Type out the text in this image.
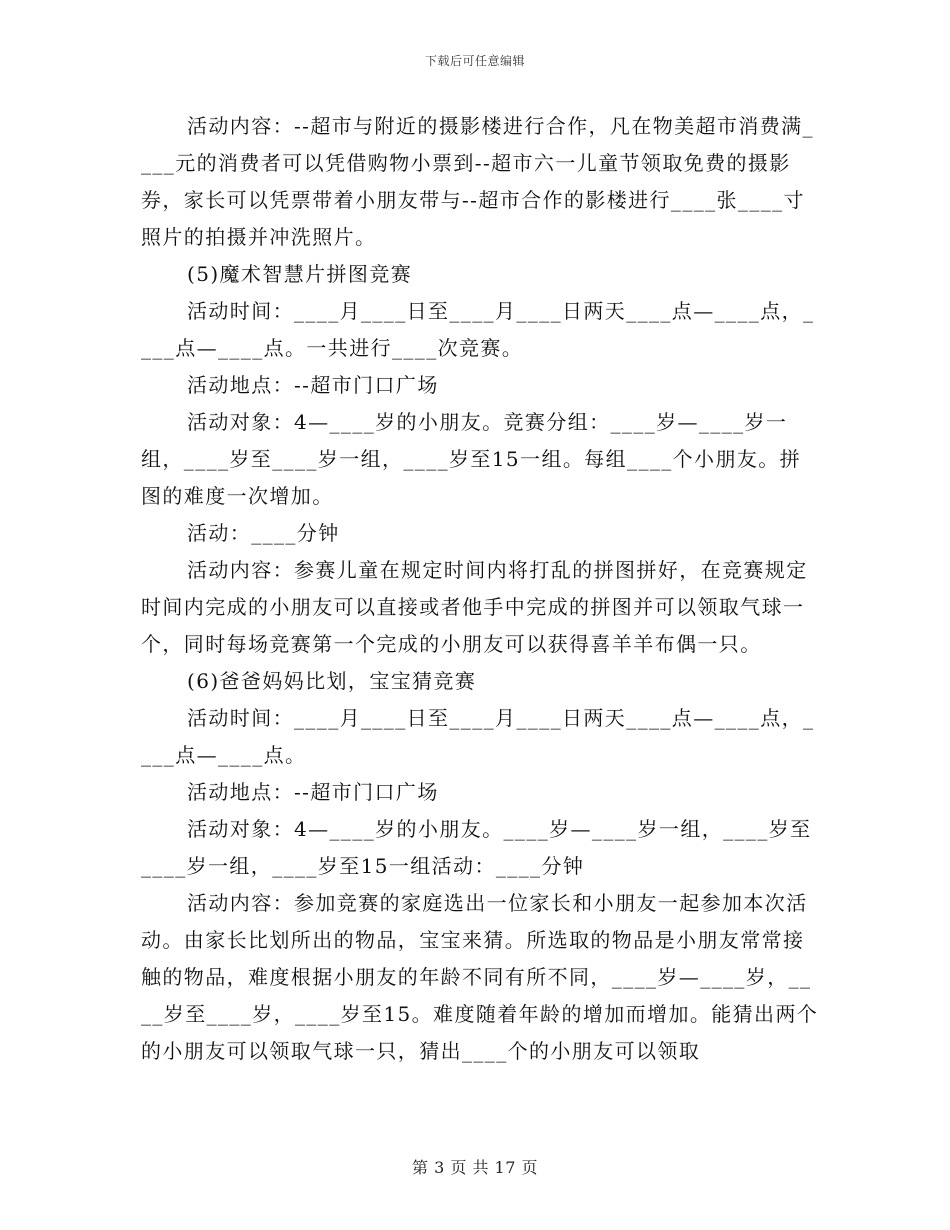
下载后可任意编辑

活动内容：--超市与附近的摄影楼进行合作，凡在物美超市消费满____元的消费者可以凭借购物小票到--超市六一儿童节领取免费的摄影券，家长可以凭票带着小朋友带与--超市合作的影楼进行____张____寸照片的拍摄并冲洗照片。

(5)魔术智慧片拼图竞赛

活动时间：____月____日至____月____日两天____点—____点，____点—____点。一共进行____次竞赛。

活动地点：--超市门口广场

活动对象：4—____岁的小朋友。竞赛分组：____岁—____岁一组，____岁至____岁一组，____岁至15一组。每组____个小朋友。拼图的难度一次增加。

活动：____分钟

活动内容：参赛儿童在规定时间内将打乱的拼图拼好，在竞赛规定时间内完成的小朋友可以直接或者他手中完成的拼图并可以领取气球一个，同时每场竞赛第一个完成的小朋友可以获得喜羊羊布偶一只。

(6)爸爸妈妈比划，宝宝猜竞赛

活动时间：____月____日至____月____日两天____点—____点，____点—____点。

活动地点：--超市门口广场

活动对象：4—____岁的小朋友。____岁—____岁一组，____岁至____岁一组，____岁至15一组活动：____分钟

活动内容：参加竞赛的家庭选出一位家长和小朋友一起参加本次活动。由家长比划所出的物品，宝宝来猜。所选取的物品是小朋友常常接触的物品，难度根据小朋友的年龄不同有所不同，____岁—____岁，____岁至____岁，____岁至15。难度随着年龄的增加而增加。能猜出两个的小朋友可以领取气球一只，猜出____个的小朋友可以领取

第 3 页 共 17 页
